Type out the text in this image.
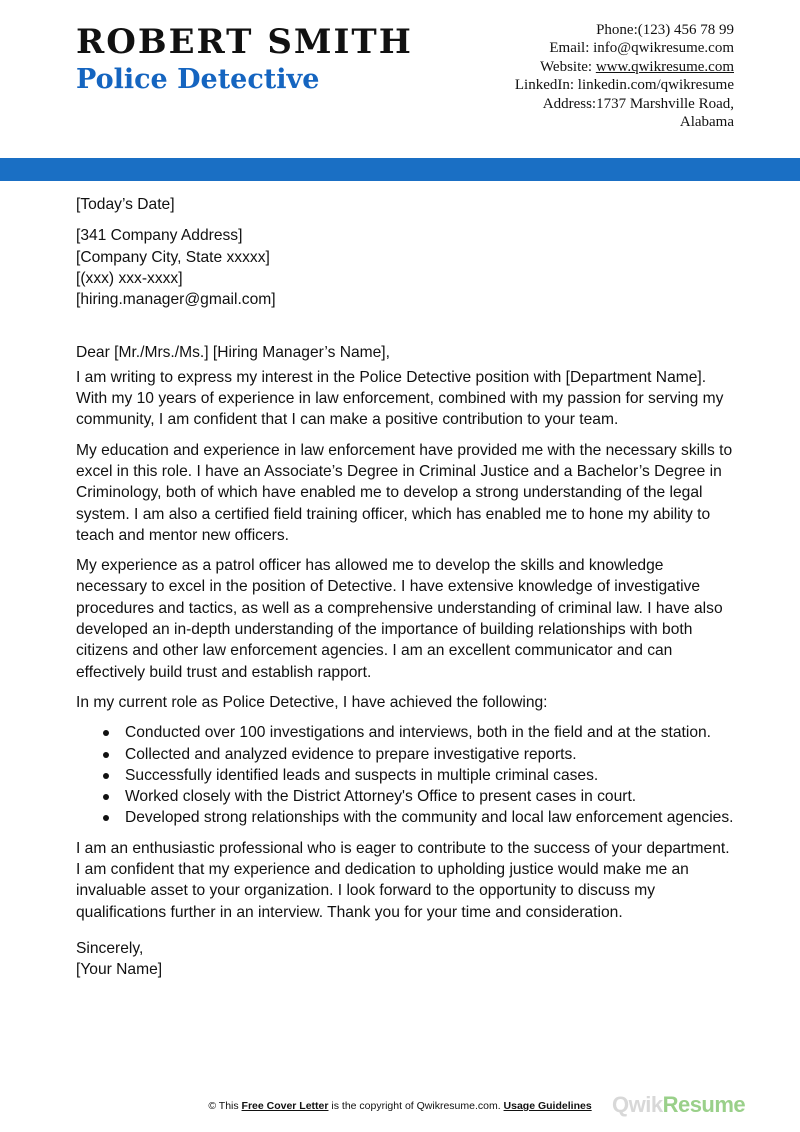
ROBERT SMITH
Police Detective
Phone:(123) 456 78 99
Email: info@qwikresume.com
Website: www.qwikresume.com
LinkedIn: linkedin.com/qwikresume
Address:1737 Marshville Road,
Alabama

[Today’s Date]

[341 Company Address]

[Company City, State xxxxx]

[(xxx) xxx-xxxx]

[hiring.manager@gmail.com]

Dear [Mr./Mrs./Ms.] [Hiring Manager’s Name],

I am writing to express my interest in the Police Detective position with [Department Name]. With my 10 years of experience in law enforcement, combined with my passion for serving my community, I am confident that I can make a positive contribution to your team.

My education and experience in law enforcement have provided me with the necessary skills to excel in this role. I have an Associate’s Degree in Criminal Justice and a Bachelor’s Degree in Criminology, both of which have enabled me to develop a strong understanding of the legal system. I am also a certified field training officer, which has enabled me to hone my ability to teach and mentor new officers.

My experience as a patrol officer has allowed me to develop the skills and knowledge necessary to excel in the position of Detective. I have extensive knowledge of investigative procedures and tactics, as well as a comprehensive understanding of criminal law. I have also developed an in-depth understanding of the importance of building relationships with both citizens and other law enforcement agencies. I am an excellent communicator and can effectively build trust and establish rapport.

In my current role as Police Detective, I have achieved the following:

Conducted over 100 investigations and interviews, both in the field and at the station.
Collected and analyzed evidence to prepare investigative reports.
Successfully identified leads and suspects in multiple criminal cases.
Worked closely with the District Attorney's Office to present cases in court.
Developed strong relationships with the community and local law enforcement agencies.

I am an enthusiastic professional who is eager to contribute to the success of your department. I am confident that my experience and dedication to upholding justice would make me an invaluable asset to your organization. I look forward to the opportunity to discuss my qualifications further in an interview. Thank you for your time and consideration.

Sincerely,

[Your Name]

QwikResume
© This Free Cover Letter is the copyright of Qwikresume.com. Usage Guidelines
